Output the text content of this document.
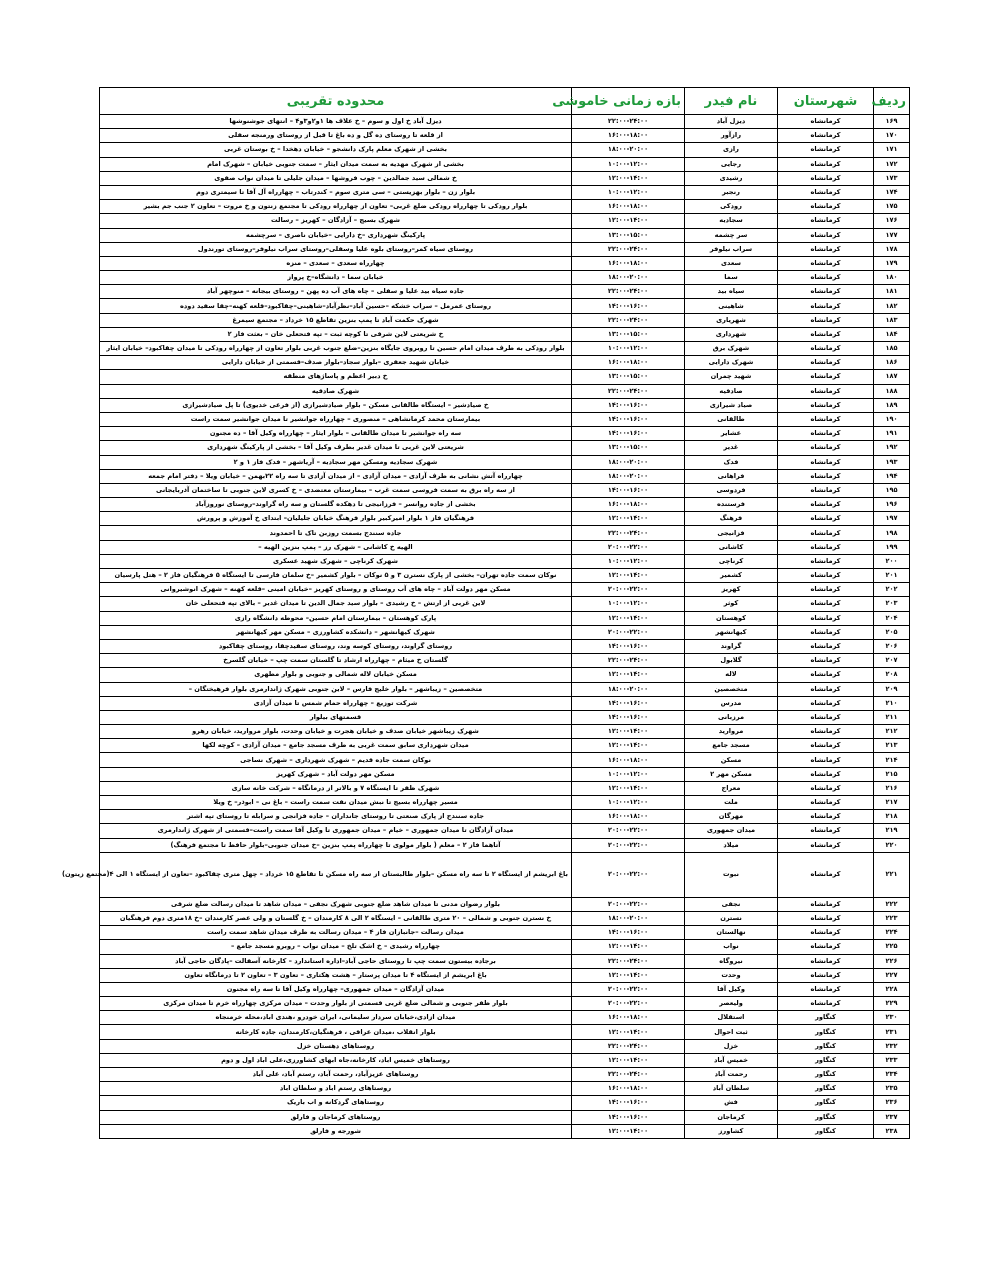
ردیف	شهرستان	نام فیدر	بازه زمانی خاموشی	محدوده تقریبی
۱۶۹	کرمانشاه	دیزل آباد	۲۲:۰۰-۲۴:۰۰	دیزل آباد خ اول و سوم – خ علاف ها ۱و۲و۳و۴ – انتهای جوشنوشها
۱۷۰	کرمانشاه	رازآور	۱۶:۰۰-۱۸:۰۰	از قلعه تا روستای ده گل و ده باغ تا قبل از روستای ورمنجه سفلی
۱۷۱	کرمانشاه	رازی	۱۸:۰۰-۲۰:۰۰	بخشی از شهرک معلم پارک دانشجو – خیابان دهخدا – خ بوستان غربی
۱۷۲	کرمانشاه	رجایی	۱۰:۰۰-۱۲:۰۰	بخشی از شهرک مهدیه به سمت میدان ایثار – سمت جنوبی خیابان – شهرک امام
۱۷۳	کرمانشاه	رشیدی	۱۲:۰۰-۱۴:۰۰	خ شمالی سید جمالدین – چوب فروشها – میدان جلیلی تا میدان نواب صفوی
۱۷۴	کرمانشاه	رنجبر	۱۰:۰۰-۱۲:۰۰	بلوار زن – بلوار بهزیستی – سی متری سوم – کندرتاب – چهارراه آل آقا تا سیمتری دوم
۱۷۵	کرمانشاه	رودکی	۱۶:۰۰-۱۸:۰۰	بلوار رودکی تا چهارراه رودکی ضلع غربی– تعاون از چهارراه رودکی تا مجتمع زنتون و خ مروت – تعاون ۲ جنب جم بشیر
۱۷۶	کرمانشاه	سجادیه	۱۲:۰۰-۱۴:۰۰	شهرک بسیج – آزادگان – کهریز – رسالت
۱۷۷	کرمانشاه	سر چشمه	۱۳:۰۰-۱۵:۰۰	پارکینگ شهرداری –خ دارایی –خیابان ناصری – سرچشمه
۱۷۸	کرمانشاه	سراب نیلوفر	۲۲:۰۰-۲۴:۰۰	روستای سیاه کمر–روستای بلوه علیا وسفلی–روستای سراب نیلوفر–روستای تورندول
۱۷۹	کرمانشاه	سعدی	۱۶:۰۰-۱۸:۰۰	چهارراه سعدی – سعدی – منزه
۱۸۰	کرمانشاه	سما	۱۸:۰۰-۲۰:۰۰	خیابان سما – دانشگاه–خ پرواز
۱۸۱	کرمانشاه	سیاه بید	۲۲:۰۰-۲۴:۰۰	جاده سیاه بید علیا و سفلی – چاه های آب ده پهن – روستای بیجانه – منوچهر آباد
۱۸۲	کرمانشاه	شاهینی	۱۴:۰۰-۱۶:۰۰	روستای عمرمل – سراب خشکه –حسین آباد–نظرآباد–شاهینی–چقاکبود–قلعه کهنه–چقا سفید دوده
۱۸۳	کرمانشاه	شهریاری	۲۲:۰۰-۲۴:۰۰	شهرک حکمت آباد تا پمپ بنزین تقاطع ۱۵ خرداد – مجتمع سیمرغ
۱۸۴	کرمانشاه	شهرداری	۱۳:۰۰-۱۵:۰۰	خ شریعتی لاین شرقی تا کوچه ثبت – تپه فتحعلی خان – بعثت فاز ۲
۱۸۵	کرمانشاه	شهرک برق	۱۰:۰۰-۱۲:۰۰	بلوار رودکی به طرف میدان امام حسین تا روبروی جایگاه بنزین–ضلع جنوب غربی بلوار تعاون از چهارراه رودکی تا میدان چقاکبود– خیابان ایثار
۱۸۶	کرمانشاه	شهرک دارایی	۱۶:۰۰-۱۸:۰۰	خیابان شهید جعفری –بلوار سجاد–بلوار صدف–قسمتی از خیابان دارایی
۱۸۷	کرمانشاه	شهید چمران	۱۳:۰۰-۱۵:۰۰	خ دبیر اعظم و پاساژهای منطقه
۱۸۸	کرمانشاه	صادقیه	۲۲:۰۰-۲۴:۰۰	شهرک صادقیه
۱۸۹	کرمانشاه	صیاد شیرازی	۱۴:۰۰-۱۶:۰۰	خ صیادشیر – ایستگاه طالقانی مسکن – بلوار صیادشیرازی (از فرعی خدیوی) تا پل صیادشیرازی
۱۹۰	کرمانشاه	طالقانی	۱۴:۰۰-۱۶:۰۰	بیمارستان محمد کرمانشاهی – منصوری – چهارراه جوانشیر تا میدان جوانشیر سمت راست
۱۹۱	کرمانشاه	عشایر	۱۴:۰۰-۱۶:۰۰	سه راه جوانشیر تا میدان طالقانی – بلوار ایثار – چهارراه وکیل آقا – ده مجنون
۱۹۲	کرمانشاه	غدیر	۱۳:۰۰-۱۵:۰۰	شریعتی لاین غربی تا میدان غدیر بطرف وکیل آقا – بخشی از پارکینگ شهرداری
۱۹۳	کرمانشاه	فدک	۱۸:۰۰-۲۰:۰۰	شهرک سجادیه ومسکن مهر سجادیه – آریاشهر – فدک فاز ۱ و ۲
۱۹۴	کرمانشاه	فراهانی	۱۸:۰۰-۲۰:۰۰	چهارراه آتش نشانی به طرف آزادی – میدان آزادی – از میدان آزادی تا سه راه ۲۲بهمن – خیابان ویلا – دفتر امام جمعه
۱۹۵	کرمانشاه	فردوسی	۱۴:۰۰-۱۶:۰۰	از سه راه برق به سمت فروسی سمت غرب – بیمارستان معتضدی – خ کسری لاین جنوبی تا ساختمان آذربایجانی
۱۹۶	کرمانشاه	فرستنده	۱۶:۰۰-۱۸:۰۰	بخشی از جاده روانسر – فرزانیجی تا دهکده گلستان و سه راه گراوند–روستای نوروزآباد
۱۹۷	کرمانشاه	فرهنگ	۱۲:۰۰-۱۴:۰۰	فرهنگیان فاز ۱ بلوار امیرکبیر بلوار فرهنگ خیابان جلیلیان– ابتدای خ آموزش و پرورش
۱۹۸	کرمانشاه	فزانیجی	۲۲:۰۰-۲۴:۰۰	جاده سنندج بسمت روزبن تاک تا احمدوند
۱۹۹	کرمانشاه	کاشانی	۲۰:۰۰-۲۲:۰۰	الهیه خ کاشانی – شهرک رز – پمپ بنزین الهیه –
۲۰۰	کرمانشاه	کرناچی	۱۰:۰۰-۱۲:۰۰	شهرک کرناچی – شهرک شهید عسکری
۲۰۱	کرمانشاه	کشمیر	۱۲:۰۰-۱۴:۰۰	نوکان سمت جاده تهران– بخشی از پارک نسترن ۳ و ۵ نوکان – بلوار کشمیر –خ سلمان فارسی تا ایستگاه ۵ فرهنگیان فاز ۲ – هتل پارسیان
۲۰۲	کرمانشاه	کهریز	۲۰:۰۰-۲۲:۰۰	مسکن مهر دولت آباد – چاه های آب روستای و روستای کهریز –خیابان امینی –قلعه کهنه – شهرک انوشیروانی
۲۰۳	کرمانشاه	کوثر	۱۰:۰۰-۱۲:۰۰	لاین غربی از ارتش – خ رشیدی – بلوار سید جمال الدین تا میدان غدیر – بالای تپه فتحعلی خان
۲۰۴	کرمانشاه	کوهستان	۱۲:۰۰-۱۴:۰۰	پارک کوهستان – بیمارستان امام حسین– محوطه دانشگاه رازی
۲۰۵	کرمانشاه	کیهانشهر	۲۰:۰۰-۲۲:۰۰	شهرک کیهانشهر – دانشکده کشاورزی – مسکن مهر کیهانشهر
۲۰۶	کرمانشاه	گراوند	۱۴:۰۰-۱۶:۰۰	روستای گراوند، روستای کوسه وند، روستای سفیدچقا، روستای چقاکبود
۲۰۷	کرمانشاه	گلابول	۲۲:۰۰-۲۴:۰۰	گلستان خ میثام – چهارراه ارشاد تا گلستان سمت چپ – خیابان گلسرخ
۲۰۸	کرمانشاه	لاله	۱۲:۰۰-۱۴:۰۰	مسکن خیابان لاله شمالی و جنوبی و بلوار مطهری
۲۰۹	کرمانشاه	متخصصین	۱۸:۰۰-۲۰:۰۰	متخصصین – زیباشهر – بلوار خلیج فارس – لاین جنوبی شهرک ژاندارمری بلوار فرهیختگان –
۲۱۰	کرمانشاه	مدرس	۱۴:۰۰-۱۶:۰۰	شرکت توزیع – چهارراه حمام شمس تا میدان آزادی
۲۱۱	کرمانشاه	مرزبانی	۱۴:۰۰-۱۶:۰۰	قسمتهای بیلوار
۲۱۲	کرمانشاه	مروارید	۱۲:۰۰-۱۴:۰۰	شهرک زیباشهر خیابان صدف و خیابان هجرت و خیابان وحدت، بلوار مروارید، خیابان رهرو
۲۱۳	کرمانشاه	مسجد جامع	۱۲:۰۰-۱۴:۰۰	میدان شهرداری سابق سمت غربی به طرف مسجد جامع – میدان آزادی – کوچه لکها
۲۱۴	کرمانشاه	مسکن	۱۶:۰۰-۱۸:۰۰	نوکان سمت جاده قدیم – شهرک شهرداری – شهرک نساجی
۲۱۵	کرمانشاه	مسکن مهر ۲	۱۰:۰۰-۱۲:۰۰	مسکن مهر دولت آباد – شهرک کهریز
۲۱۶	کرمانشاه	معراج	۱۲:۰۰-۱۴:۰۰	شهرک ظفر تا ایستگاه ۷ و بالاتر از درمانگاه – شرکت خانه سازی
۲۱۷	کرمانشاه	ملت	۱۰:۰۰-۱۲:۰۰	مسیر چهارراه بسیج تا نبش میدان نفت سمت راست – باغ نی – ابوذر– خ ویلا
۲۱۸	کرمانشاه	مهرگان	۱۶:۰۰-۱۸:۰۰	جاده سنندج از پارک صنعتی تا روستای جانداران – جاده فزانجی و سرابله تا روستای تپه اشتر
۲۱۹	کرمانشاه	میدان جمهوری	۲۰:۰۰-۲۲:۰۰	میدان آزادگان تا میدان جمهوری – خیام – میدان جمهوری تا وکیل آقا سمت راست–قسمتی از شهرک ژاندارمری
۲۲۰	کرمانشاه	میلاد	۲۰:۰۰-۲۲:۰۰	آتاهما فاز ۲ – معلم ( بلوار مولوی تا چهارراه پمپ بنزین –خ میدان جنوبی–بلوار حافظ تا مجتمع فرهنگ)
۲۲۱	کرمانشاه	نبوت	۲۰:۰۰-۲۲:۰۰	باغ ابریشم از ایستگاه ۲ تا سه راه مسکن –بلوار طالبستان از سه راه مسکن تا تقاطع ۱۵ خرداد – چهل متری چقاکبود –تعاون از ایستگاه ۱ الی ۴(مجتمع زیتون)
۲۲۲	کرمانشاه	نجفی	۲۰:۰۰-۲۲:۰۰	بلوار رضوان مدنی تا میدان شاهد ضلع جنوبی شهرک نجفی – میدان شاهد تا میدان رسالت ضلع شرقی
۲۲۳	کرمانشاه	نسترن	۱۸:۰۰-۲۰:۰۰	خ نسترن جنوبی و شمالی – ۲۰ متری طالقانی – ایستگاه ۲ الی ۸ کارمندان – خ گلستان و ولی عصر کارمندان –خ ۱۸متری دوم فرهنگیان
۲۲۴	کرمانشاه	نهالستان	۱۴:۰۰-۱۶:۰۰	میدان رسالت –جانبازان فاز ۴ – میدان رسالت به طرف میدان شاهد سمت راست
۲۲۵	کرمانشاه	نواب	۱۲:۰۰-۱۴:۰۰	چهارراه رشیدی – خ اشک تلخ – میدان نواب – روبرو مسجد جامع –
۲۲۶	کرمانشاه	نیروگاه	۲۲:۰۰-۲۴:۰۰	برجاده بیستون سمت چپ تا روستای حاجی آباد–اداره استاندارد – کارخانه آسفالت –پادگان حاجی آباد
۲۲۷	کرمانشاه	وحدت	۱۲:۰۰-۱۴:۰۰	باغ ابریشم از ایستگاه ۴ تا میدان پرستار – هشت هکتاری – تعاون ۳ – تعاون ۲ تا درمانگاه تعاون
۲۲۸	کرمانشاه	وکیل آقا	۲۰:۰۰-۲۲:۰۰	میدان آزادگان – میدان جمهوری– چهارراه وکیل آقا تا سه راه مجنون
۲۲۹	کرمانشاه	ولیعصر	۲۰:۰۰-۲۲:۰۰	بلوار ظفر جنوبی و شمالی ضلع غربی قسمتی از بلوار وحدت – میدان مرکزی چهارراه خرم تا میدان مرکزی
۲۳۰	کنگاور	استقلال	۱۶:۰۰-۱۸:۰۰	میدان ازادی،خیابان سردار سلیمانی، ایران خودرو ،هندی اباد،محله خرمنجاه
۲۳۱	کنگاور	ثبت احوال	۱۲:۰۰-۱۴:۰۰	بلوار انقلاب ،میدان عراقی ، فرهنگیان،کارمندان، جاده کارخانه
۲۳۲	کنگاور	خزل	۲۲:۰۰-۲۴:۰۰	روستاهای دهستان خزل
۲۳۳	کنگاور	خمیس آباد	۱۲:۰۰-۱۴:۰۰	روستاهای خمیس اباد، کارخانه،جاه ابهای کشاورزی،علی اباد اول و دوم
۲۳۴	کنگاور	رحمت آباد	۲۲:۰۰-۲۴:۰۰	روستاهای عزیزآباد، رحمت آباد، رستم آباد، علی آباد
۲۳۵	کنگاور	سلطان آباد	۱۶:۰۰-۱۸:۰۰	روستاهای رستم اباد و سلطان اباد
۲۳۶	کنگاور	فش	۱۴:۰۰-۱۶:۰۰	روستاهای گردکانه و اب باریک
۲۳۷	کنگاور	کرماجان	۱۴:۰۰-۱۶:۰۰	روستاهای کرماجان و فارلق
۲۳۸	کنگاور	کشاورز	۱۲:۰۰-۱۴:۰۰	شورجه و فارلق
